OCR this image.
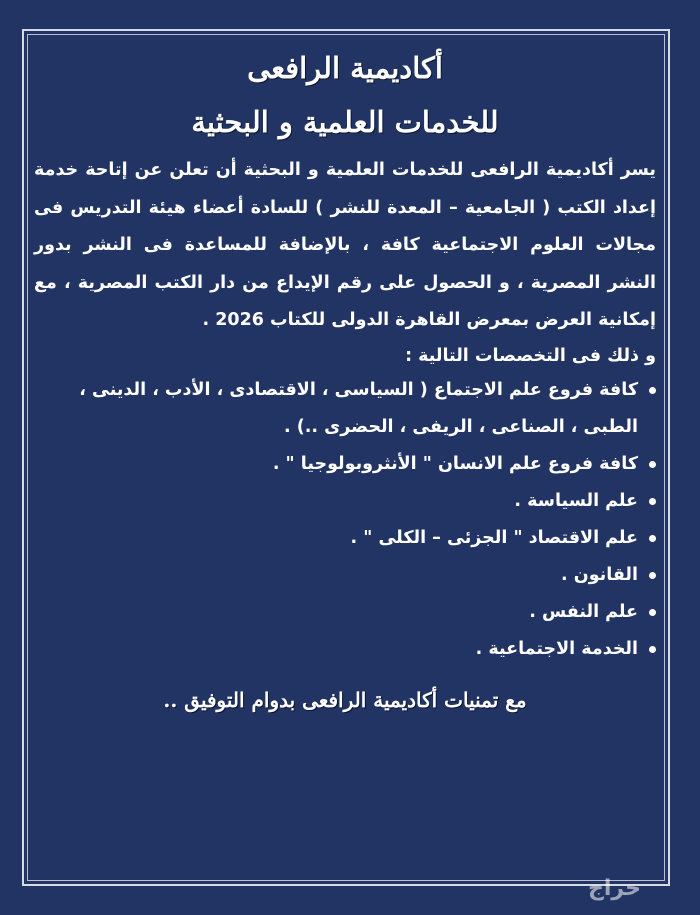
أكاديمية الرافعى
للخدمات العلمية و البحثية

يسر أكاديمية الرافعى للخدمات العلمية و البحثية أن تعلن عن إتاحة خدمة إعداد الكتب ( الجامعية – المعدة للنشر ) للسادة أعضاء هيئة التدريس فى مجالات العلوم الاجتماعية كافة ، بالإضافة للمساعدة فى النشر بدور النشر المصرية ، و الحصول على رقم الإيداع من دار الكتب المصرية ، مع إمكانية العرض بمعرض القاهرة الدولى للكتاب 2026 .

و ذلك فى التخصصات التالية :

كافة فروع علم الاجتماع ( السياسى ، الاقتصادى ، الأدب ، الدينى ، الطبى ، الصناعى ، الريفى ، الحضرى ..) .
كافة فروع علم الانسان " الأنثروبولوجيا " .
علم السياسة .
علم الاقتصاد " الجزئى – الكلى " .
القانون .
علم النفس .
الخدمة الاجتماعية .
مع تمنيات أكاديمية الرافعى بدوام التوفيق ..
حراج
